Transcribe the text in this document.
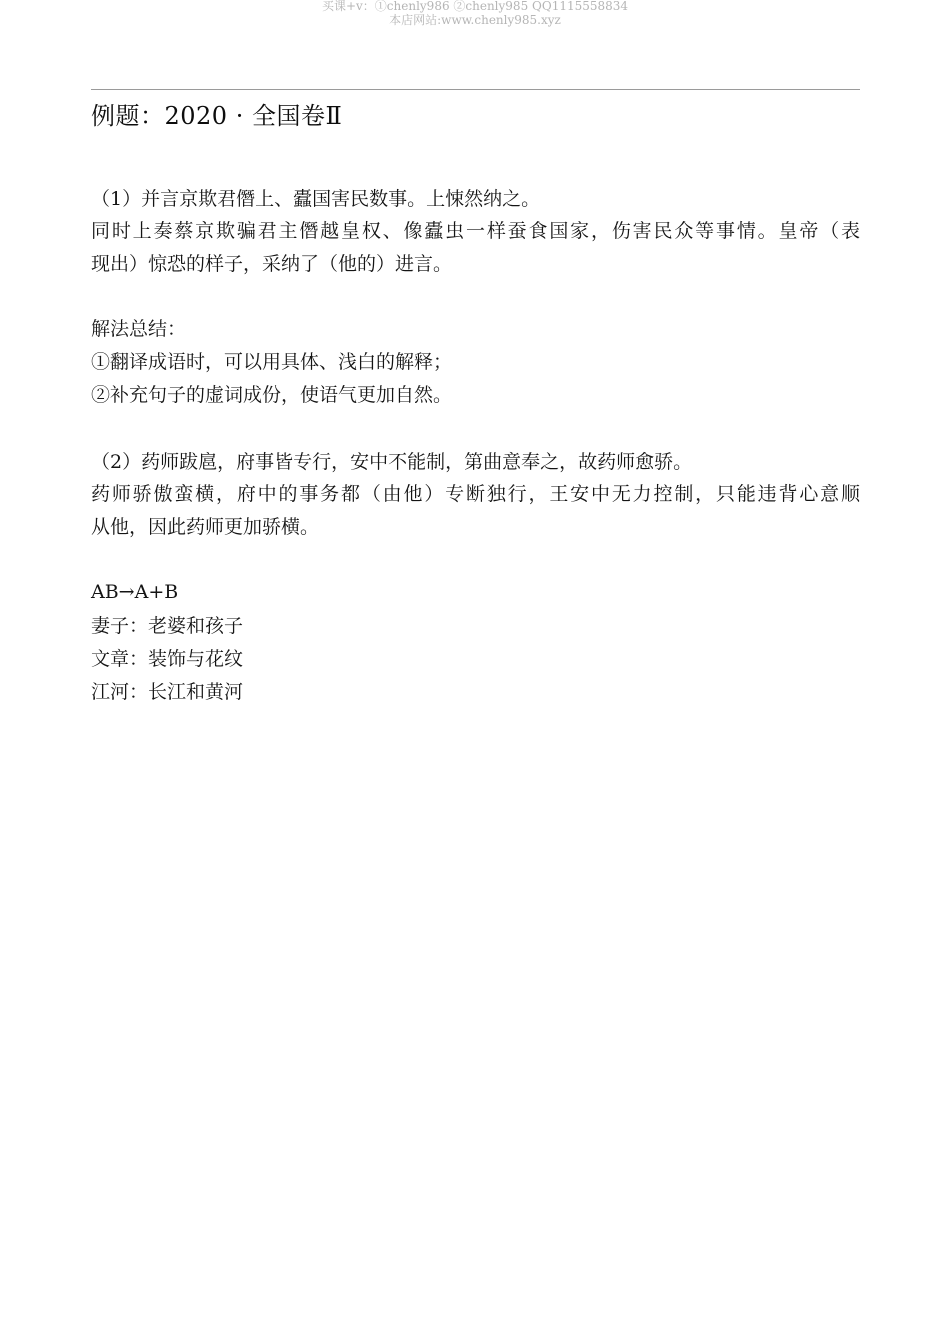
买课+v：①chenly986 ②chenly985 QQ1115558834
本店网站:www.chenly985.xyz
例题：2020 · 全国卷Ⅱ
（1）并言京欺君僭上、蠹国害民数事。上悚然纳之。
同时上奏蔡京欺骗君主僭越皇权、像蠹虫一样蚕食国家，伤害民众等事情。皇帝（表
现出）惊恐的样子，采纳了（他的）进言。
解法总结：
①翻译成语时，可以用具体、浅白的解释；
②补充句子的虚词成份，使语气更加自然。
（2）药师跋扈，府事皆专行，安中不能制，第曲意奉之，故药师愈骄。
药师骄傲蛮横，府中的事务都（由他）专断独行，王安中无力控制，只能违背心意顺
从他，因此药师更加骄横。
AB→A+B
妻子：老婆和孩子
文章：装饰与花纹
江河：长江和黄河
